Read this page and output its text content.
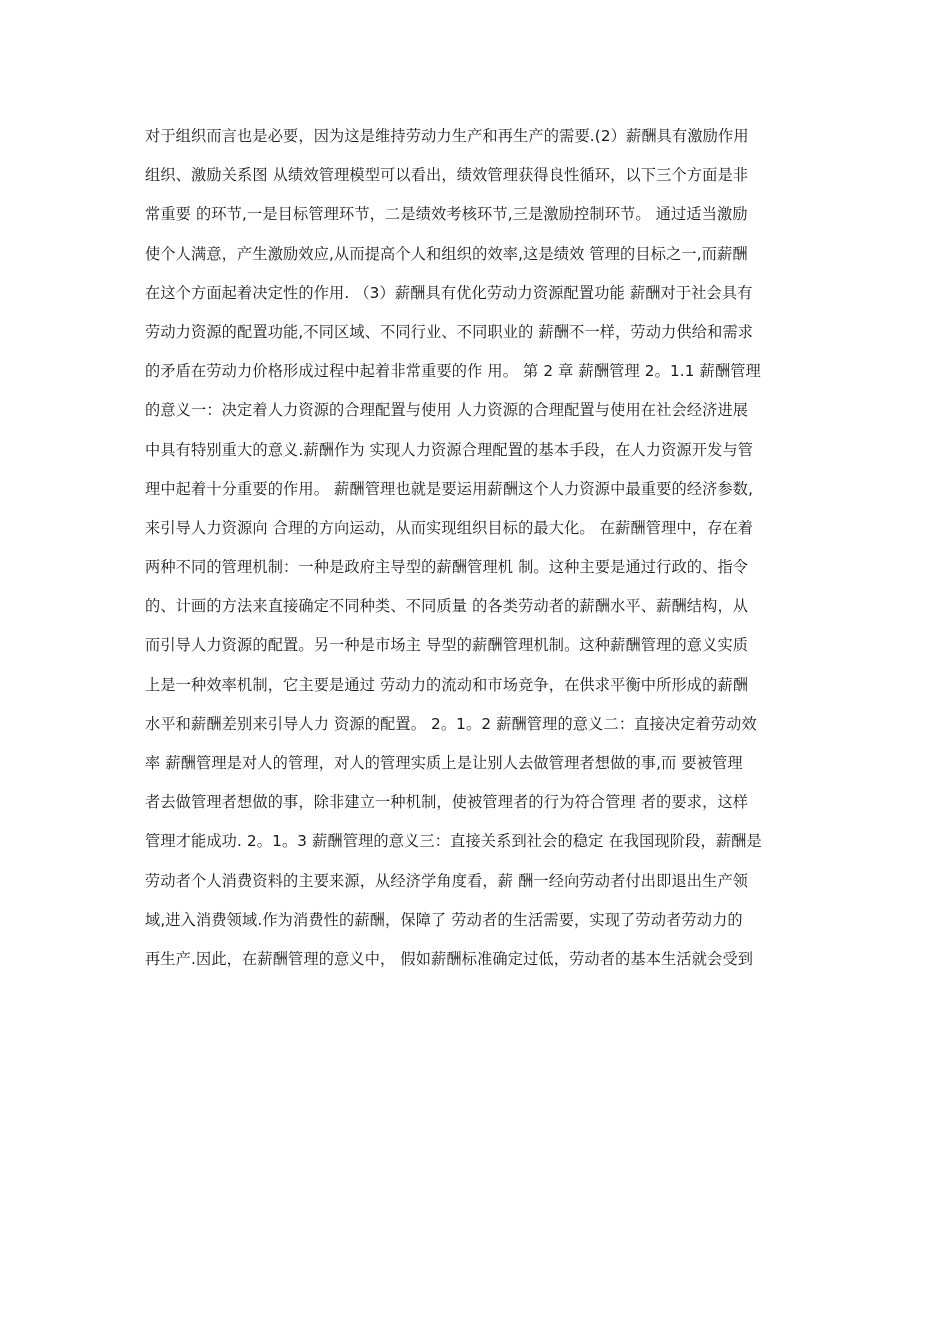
对于组织而言也是必要，因为这是维持劳动力生产和再生产的需要.(2）薪酬具有激励作用
组织、激励关系图 从绩效管理模型可以看出，绩效管理获得良性循环，以下三个方面是非
常重要 的环节,一是目标管理环节，二是绩效考核环节,三是激励控制环节。 通过适当激励
使个人满意，产生激励效应,从而提高个人和组织的效率,这是绩效 管理的目标之一,而薪酬
在这个方面起着决定性的作用. （3）薪酬具有优化劳动力资源配置功能 薪酬对于社会具有
劳动力资源的配置功能,不同区域、不同行业、不同职业的 薪酬不一样，劳动力供给和需求
的矛盾在劳动力价格形成过程中起着非常重要的作 用。 第 2 章 薪酬管理 2。1.1 薪酬管理
的意义一：决定着人力资源的合理配置与使用 人力资源的合理配置与使用在社会经济进展
中具有特别重大的意义.薪酬作为 实现人力资源合理配置的基本手段，在人力资源开发与管
理中起着十分重要的作用。 薪酬管理也就是要运用薪酬这个人力资源中最重要的经济参数,
来引导人力资源向 合理的方向运动，从而实现组织目标的最大化。 在薪酬管理中，存在着
两种不同的管理机制：一种是政府主导型的薪酬管理机 制。这种主要是通过行政的、指令
的、计画的方法来直接确定不同种类、不同质量 的各类劳动者的薪酬水平、薪酬结构，从
而引导人力资源的配置。另一种是市场主 导型的薪酬管理机制。这种薪酬管理的意义实质
上是一种效率机制，它主要是通过 劳动力的流动和市场竞争，在供求平衡中所形成的薪酬
水平和薪酬差别来引导人力 资源的配置。 2。1。2 薪酬管理的意义二：直接决定着劳动效
率 薪酬管理是对人的管理，对人的管理实质上是让别人去做管理者想做的事,而 要被管理
者去做管理者想做的事，除非建立一种机制，使被管理者的行为符合管理 者的要求，这样
管理才能成功. 2。1。3 薪酬管理的意义三：直接关系到社会的稳定 在我国现阶段，薪酬是
劳动者个人消费资料的主要来源，从经济学角度看，薪 酬一经向劳动者付出即退出生产领
域,进入消费领域.作为消费性的薪酬，保障了 劳动者的生活需要，实现了劳动者劳动力的
再生产.因此，在薪酬管理的意义中， 假如薪酬标准确定过低，劳动者的基本生活就会受到
